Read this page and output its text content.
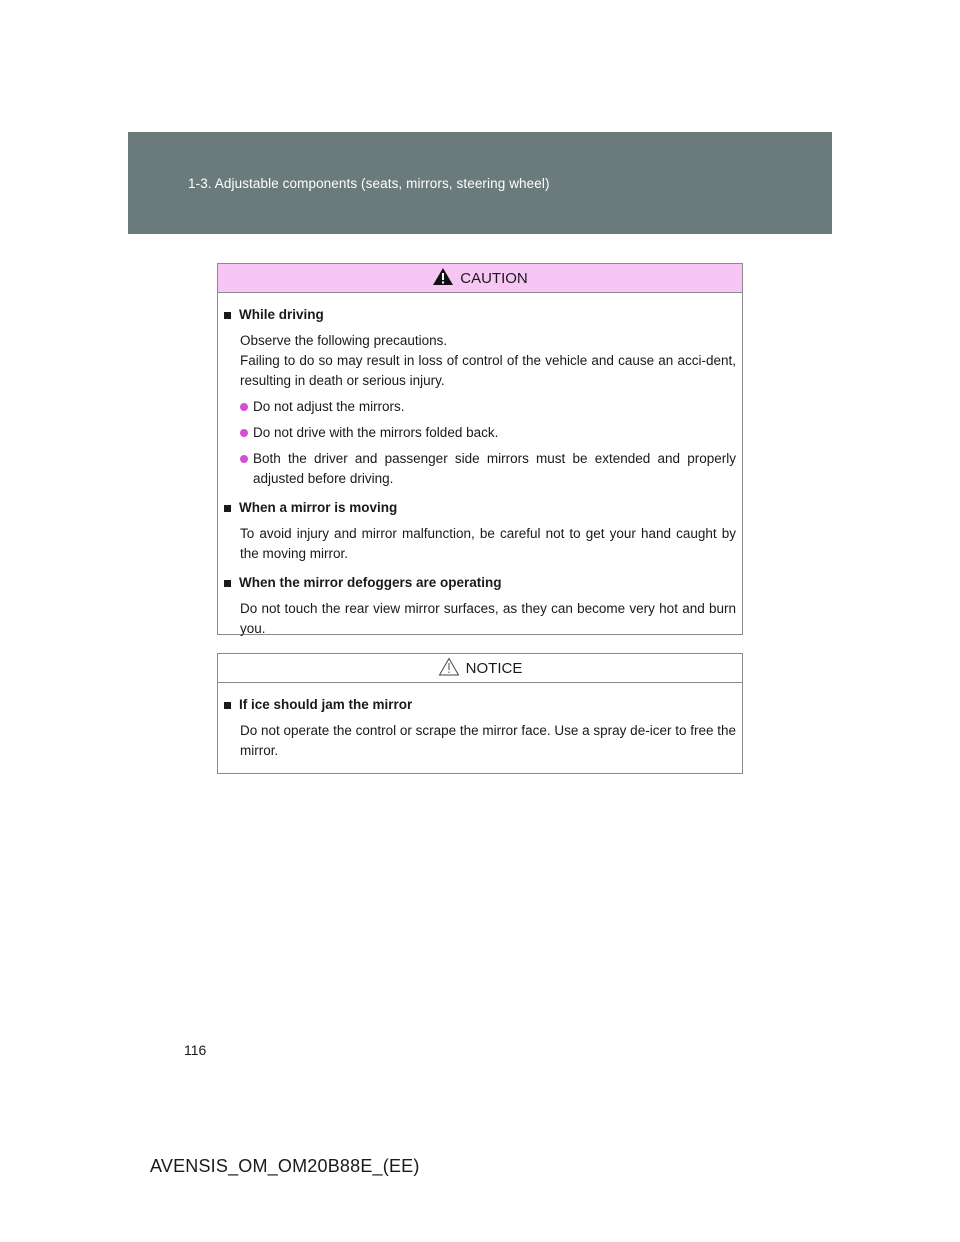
1-3. Adjustable components (seats, mirrors, steering wheel)
CAUTION
While driving
Observe the following precautions.
Failing to do so may result in loss of control of the vehicle and cause an acci-dent, resulting in death or serious injury.
Do not adjust the mirrors.
Do not drive with the mirrors folded back.
Both the driver and passenger side mirrors must be extended and properly adjusted before driving.
When a mirror is moving
To avoid injury and mirror malfunction, be careful not to get your hand caught by the moving mirror.
When the mirror defoggers are operating
Do not touch the rear view mirror surfaces, as they can become very hot and burn you.
NOTICE
If ice should jam the mirror
Do not operate the control or scrape the mirror face. Use a spray de-icer to free the mirror.
116
AVENSIS_OM_OM20B88E_(EE)
